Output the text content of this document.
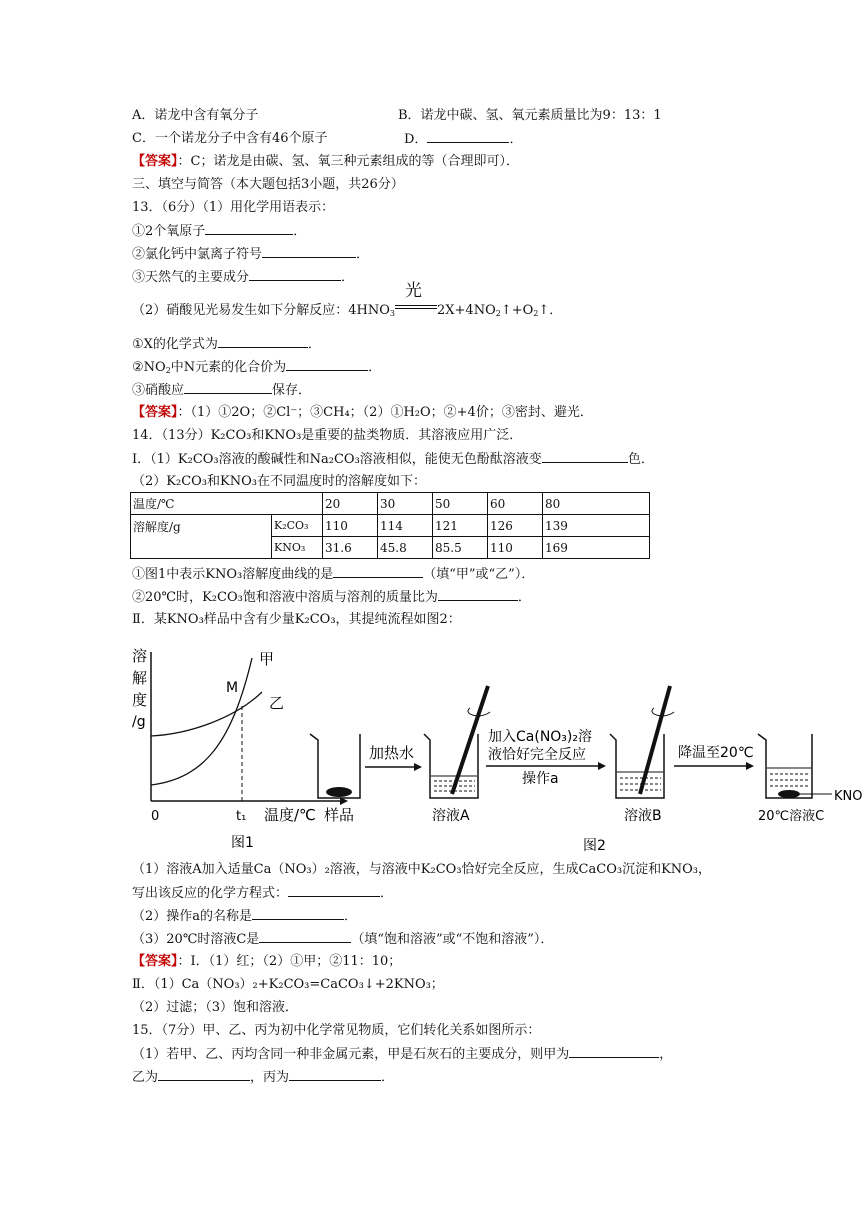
A．诺龙中含有氧分子	B．诺龙中碳、氢、氧元素质量比为9：13：1
C．一个诺龙分子中含有46个原子	D．	．
【答案】：C；诺龙是由碳、氢、氧三种元素组成的等（合理即可）．
三、填空与简答（本大题包括3小题，共26分）
13．（6分）（1）用化学用语表示：
①2个氧原子	．
②氯化钙中氯离子符号	．
③天然气的主要成分	．
（2）硝酸见光易发生如下分解反应：$4HNO_3$
光
$2X+4NO_2↑+O_2↑$．
①X的化学式为	．
$②NO_2$中N元素的化合价为	．
③硝酸应	保存．
【答案】：（1）①2O；②Cl⁻；③CH₄；（2）①H₂O；②+4价；③密封、避光．
14．（13分）K₂CO₃和KNO₃是重要的盐类物质．其溶液应用广泛．
Ⅰ．（1）K₂CO₃溶液的酸碱性和Na₂CO₃溶液相似，能使无色酚酞溶液变	色．
（2）K₂CO₃和KNO₃在不同温度时的溶解度如下：
温度/℃		20	30	50	60	80
溶解度/g	K₂CO₃	110	114	121	126	139
	KNO₃	31.6	45.8	85.5	110	169
①图1中表示KNO₃溶解度曲线的是	（填“甲”或“乙”）．
②20℃时，K₂CO₃饱和溶液中溶质与溶剂的质量比为	．
Ⅱ．某KNO₃样品中含有少量K₂CO₃，其提纯流程如图2：
溶
解
度
/g
甲
乙
M
0	t₁ 温度/℃
图1
样品
加热水
溶液A
加入Ca(NO₃)₂溶
液恰好完全反应
操作a
溶液B
降温至20℃
KNO
20℃溶液C
图2
（1）溶液A加入适量Ca（NO₃）₂溶液，与溶液中K₂CO₃恰好完全反应，生成CaCO₃沉淀和KNO₃，
写出该反应的化学方程式：	．
（2）操作a的名称是	．
（3）20℃时溶液C是	（填“饱和溶液”或“不饱和溶液”）．
【答案】：Ⅰ．（1）红；（2）①甲；②11：10；
Ⅱ．（1）Ca（NO₃）₂+K₂CO₃=CaCO₃↓+2KNO₃；
（2）过滤；（3）饱和溶液．
15．（7分）甲、乙、丙为初中化学常见物质，它们转化关系如图所示：
（1）若甲、乙、丙均含同一种非金属元素，甲是石灰石的主要成分，则甲为	，
乙为	，丙为	．
